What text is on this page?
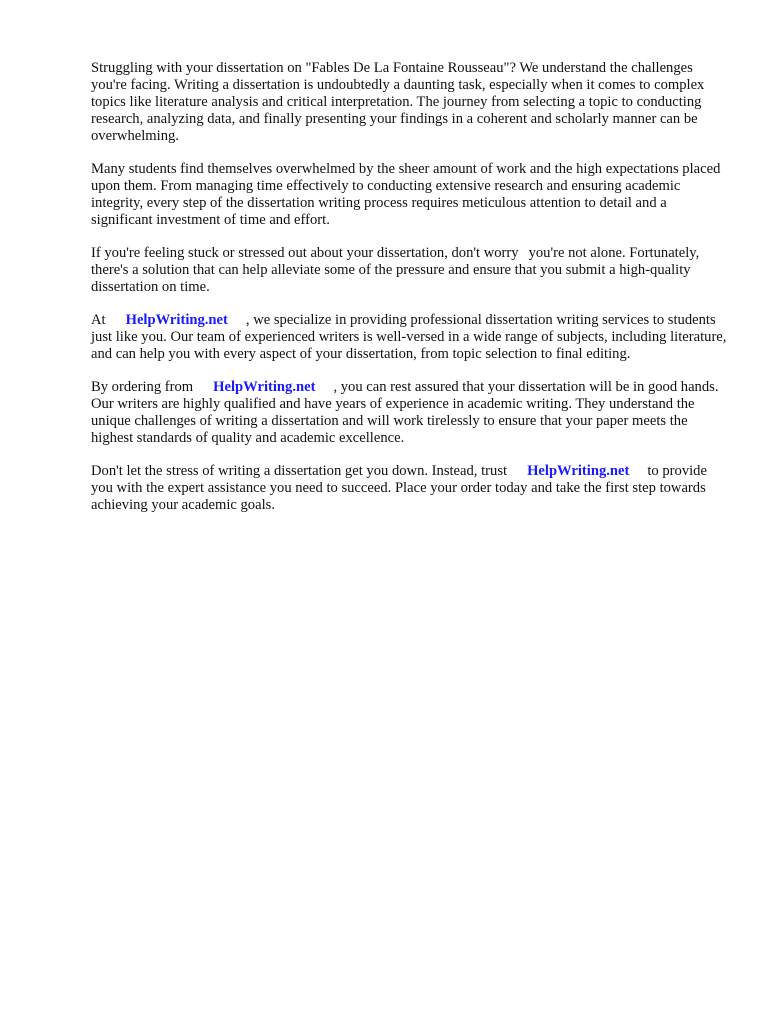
Struggling with your dissertation on "Fables De La Fontaine Rousseau"? We understand the challenges you're facing. Writing a dissertation is undoubtedly a daunting task, especially when it comes to complex topics like literature analysis and critical interpretation. The journey from selecting a topic to conducting research, analyzing data, and finally presenting your findings in a coherent and scholarly manner can be overwhelming.

Many students find themselves overwhelmed by the sheer amount of work and the high expectations placed upon them. From managing time effectively to conducting extensive research and ensuring academic integrity, every step of the dissertation writing process requires meticulous attention to detail and a significant investment of time and effort.

If you're feeling stuck or stressed out about your dissertation, don't worry you're not alone. Fortunately, there's a solution that can help alleviate some of the pressure and ensure that you submit a high-quality dissertation on time.

At HelpWriting.net , we specialize in providing professional dissertation writing services to students just like you. Our team of experienced writers is well-versed in a wide range of subjects, including literature, and can help you with every aspect of your dissertation, from topic selection to final editing.

By ordering from HelpWriting.net , you can rest assured that your dissertation will be in good hands. Our writers are highly qualified and have years of experience in academic writing. They understand the unique challenges of writing a dissertation and will work tirelessly to ensure that your paper meets the highest standards of quality and academic excellence.

Don't let the stress of writing a dissertation get you down. Instead, trust HelpWriting.net to provide you with the expert assistance you need to succeed. Place your order today and take the first step towards achieving your academic goals.
